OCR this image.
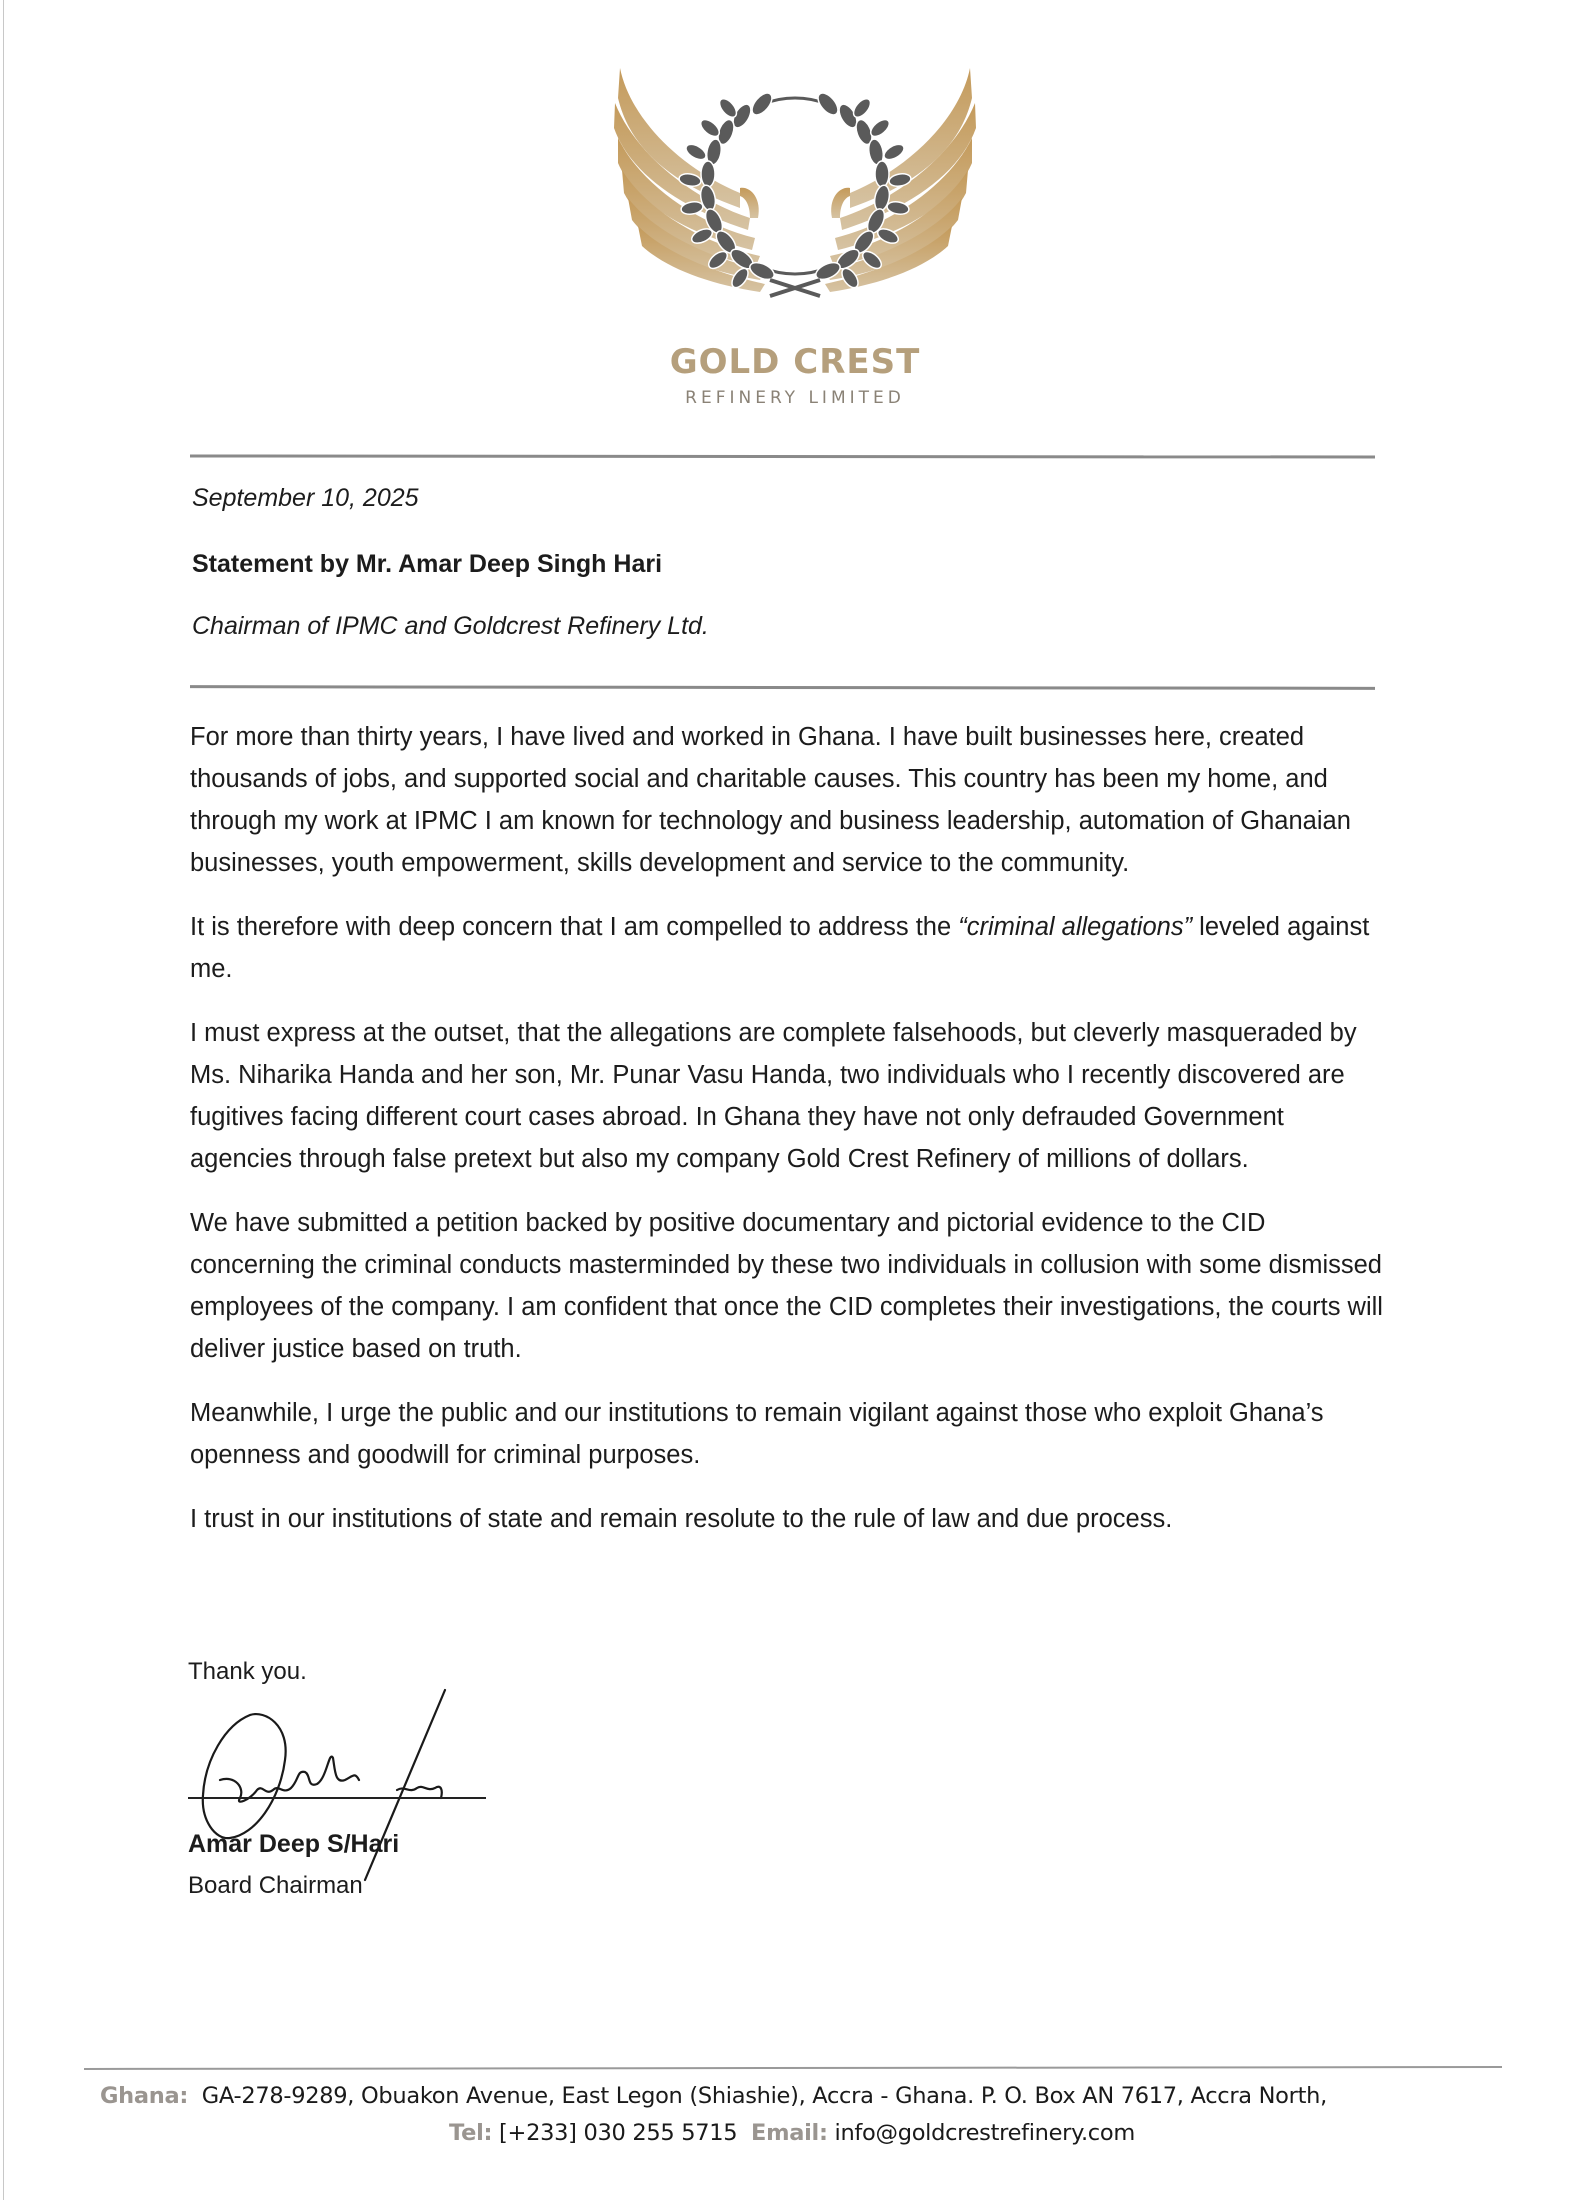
GOLD CREST
REFINERY LIMITED
September 10, 2025
Statement by Mr. Amar Deep Singh Hari
Chairman of IPMC and Goldcrest Refinery Ltd.

For more than thirty years, I have lived and worked in Ghana. I have built businesses here, created thousands of jobs, and supported social and charitable causes. This country has been my home, and through my work at IPMC I am known for technology and business leadership, automation of Ghanaian businesses, youth empowerment, skills development and service to the community.

It is therefore with deep concern that I am compelled to address the “criminal allegations” leveled against me.

I must express at the outset, that the allegations are complete falsehoods, but cleverly masqueraded by Ms. Niharika Handa and her son, Mr. Punar Vasu Handa, two individuals who I recently discovered are fugitives facing different court cases abroad. In Ghana they have not only defrauded Government agencies through false pretext but also my company Gold Crest Refinery of millions of dollars.

We have submitted a petition backed by positive documentary and pictorial evidence to the CID concerning the criminal conducts masterminded by these two individuals in collusion with some dismissed employees of the company. I am confident that once the CID completes their investigations, the courts will deliver justice based on truth.

Meanwhile, I urge the public and our institutions to remain vigilant against those who exploit Ghana’s openness and goodwill for criminal purposes.

I trust in our institutions of state and remain resolute to the rule of law and due process.

Thank you.
Amar Deep S/Hari
Board Chairman
Ghana: GA-278-9289, Obuakon Avenue, East Legon (Shiashie), Accra - Ghana. P. O. Box AN 7617, Accra North,
Tel: [+233] 030 255 5715 Email: info@goldcrestrefinery.com
